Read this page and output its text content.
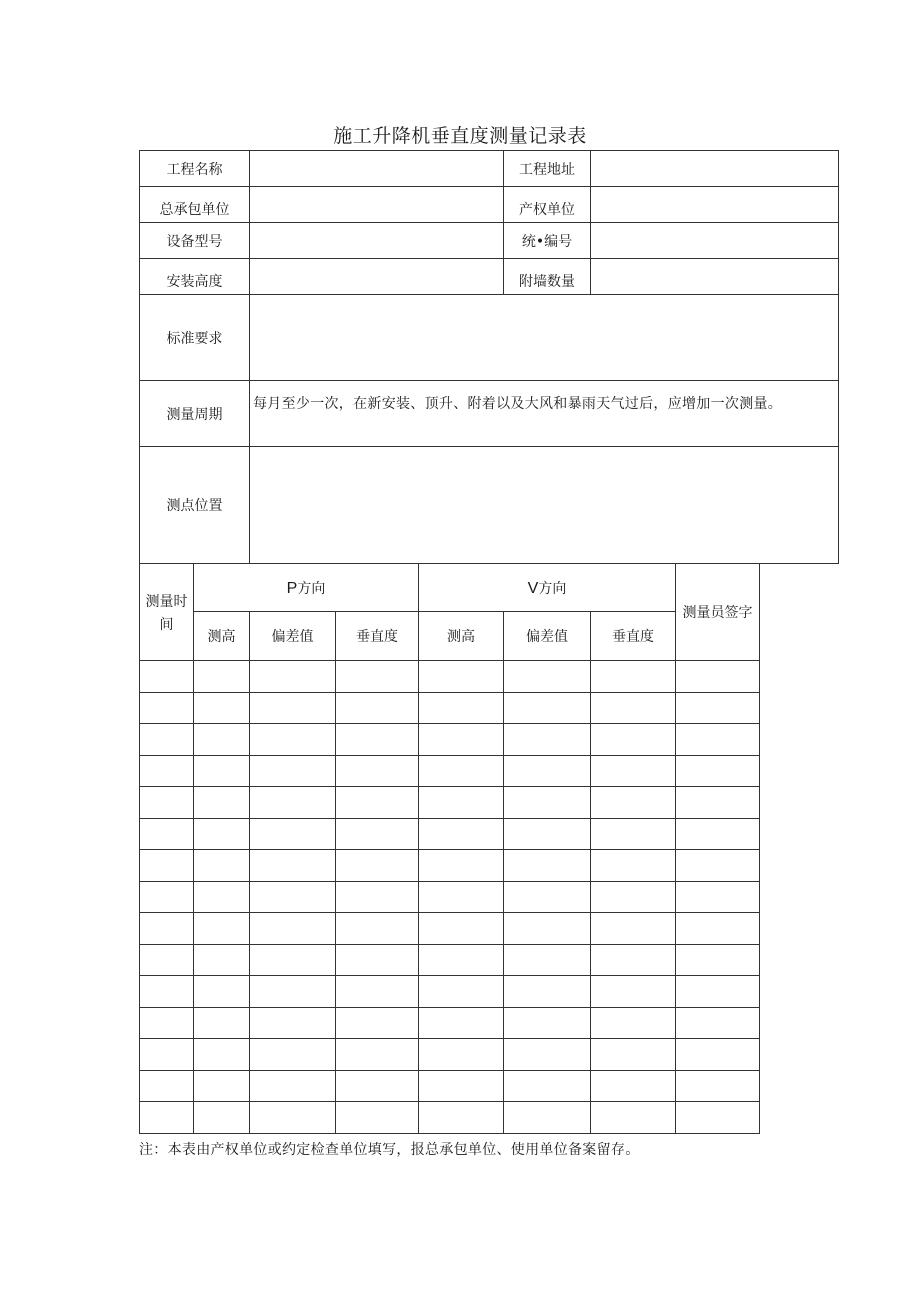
施工升降机垂直度测量记录表
工程名称					工程地址		
总承包单位					产权单位		
设备型号					统•编号		
安装高度					附墙数量		
标准要求							
测量周期		每月至少一次，在新安装、顶升、附着以及大风和暴雨天气过后，应增加一次测量。					
测点位置							
测量时间	P方向			V方向			测量员签字
	测高	偏差值	垂直度	测高	偏差值	垂直度	

注：本表由产权单位或约定检查单位填写，报总承包单位、使用单位备案留存。
